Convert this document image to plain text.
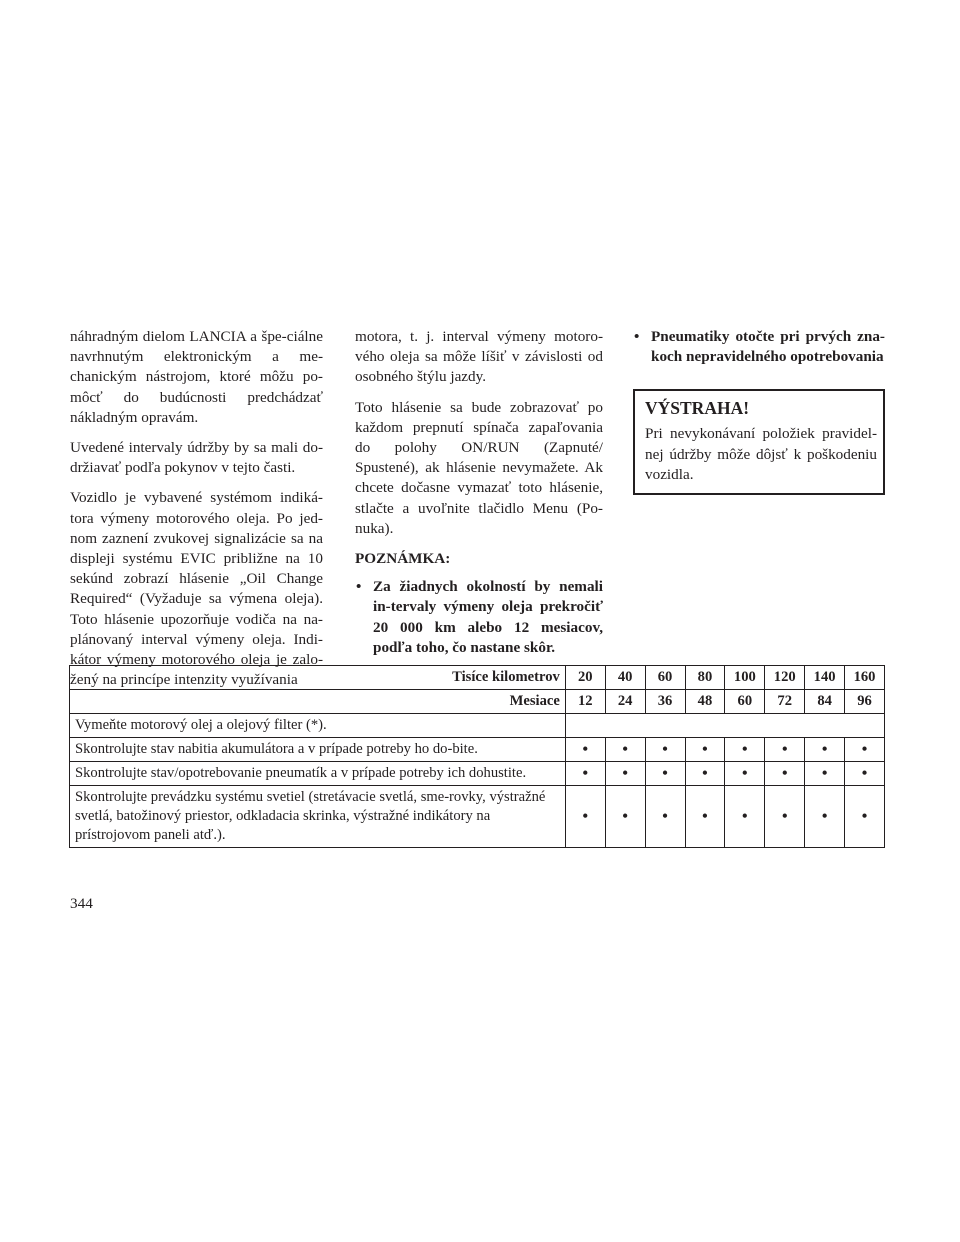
náhradným dielom LANCIA a špe-ciálne navrhnutým elektronickým a me-chanickým nástrojom, ktoré môžu po-môcť do budúcnosti predchádzať nákladným opravám.

Uvedené intervaly údržby by sa mali do-držiavať podľa pokynov v tejto časti.

Vozidlo je vybavené systémom indiká-tora výmeny motorového oleja. Po jed-nom zaznení zvukovej signalizácie sa na displeji systému EVIC približne na 10 sekúnd zobrazí hlásenie „Oil Change Required“ (Vyžaduje sa výmena oleja). Toto hlásenie upozorňuje vodiča na na-plánovaný interval výmeny oleja. Indi-kátor výmeny motorového oleja je zalo-žený na princípe intenzity využívania

motora, t. j. interval výmeny motoro-vého oleja sa môže líšiť v závislosti od osobného štýlu jazdy.

Toto hlásenie sa bude zobrazovať po každom prepnutí spínača zapaľovania do polohy ON/RUN (Zapnuté/ Spustené), ak hlásenie nevymažete. Ak chcete dočasne vymazať toto hlásenie, stlačte a uvoľnite tlačidlo Menu (Po-nuka).

POZNÁMKA:
• Za žiadnych okolností by nemali in-tervaly výmeny oleja prekročiť 20 000 km alebo 12 mesiacov, podľa toho, čo nastane skôr.
• Pneumatiky otočte pri prvých zna-koch nepravidelného opotrebovania
VÝSTRAHA!
Pri nevykonávaní položiek pravidel-nej údržby môže dôjsť k poškodeniu vozidla.
Tisíce kilometrov	20	40	60	80	100	120	140	160
Mesiace	12	24	36	48	60	72	84	96
Vymeňte motorový olej a olejový filter (*).								
Skontrolujte stav nabitia akumulátora a v prípade potreby ho do-bite.	•	•	•	•	•	•	•	•
Skontrolujte stav/opotrebovanie pneumatík a v prípade potreby ich dohustite.	•	•	•	•	•	•	•	•
Skontrolujte prevádzku systému svetiel (stretávacie svetlá, sme-rovky, výstražné svetlá, batožinový priestor, odkladacia skrinka, výstražné indikátory na prístrojovom paneli atď.).	•	•	•	•	•	•	•	•
344
